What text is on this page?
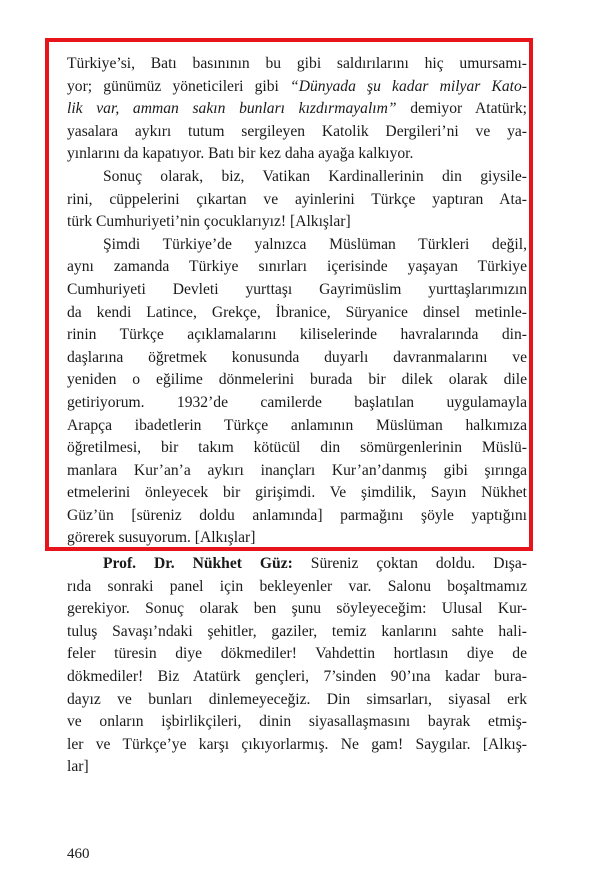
Türkiye’si, Batı basınının bu gibi saldırılarını hiç umursamı-
yor; günümüz yöneticileri gibi “Dünyada şu kadar milyar Kato-
lik var, amman sakın bunları kızdırmayalım” demiyor Atatürk;
yasalara aykırı tutum sergileyen Katolik Dergileri’ni ve ya-
yınlarını da kapatıyor. Batı bir kez daha ayağa kalkıyor.
Sonuç olarak, biz, Vatikan Kardinallerinin din giysile-
rini, cüppelerini çıkartan ve ayinlerini Türkçe yaptıran Ata-
türk Cumhuriyeti’nin çocuklarıyız! [Alkışlar]
Şimdi Türkiye’de yalnızca Müslüman Türkleri değil,
aynı zamanda Türkiye sınırları içerisinde yaşayan Türkiye
Cumhuriyeti Devleti yurttaşı Gayrimüslim yurttaşlarımızın
da kendi Latince, Grekçe, İbranice, Süryanice dinsel metinle-
rinin Türkçe açıklamalarını kiliselerinde havralarında din-
daşlarına öğretmek konusunda duyarlı davranmalarını ve
yeniden o eğilime dönmelerini burada bir dilek olarak dile
getiriyorum. 1932’de camilerde başlatılan uygulamayla
Arapça ibadetlerin Türkçe anlamının Müslüman halkımıza
öğretilmesi, bir takım kötücül din sömürgenlerinin Müslü-
manlara Kur’an’a aykırı inançları Kur’an’danmış gibi şırınga
etmelerini önleyecek bir girişimdi. Ve şimdilik, Sayın Nükhet
Güz’ün [süreniz doldu anlamında] parmağını şöyle yaptığını
görerek susuyorum. [Alkışlar]
Prof. Dr. Nükhet Güz: Süreniz çoktan doldu. Dışa-
rıda sonraki panel için bekleyenler var. Salonu boşaltmamız
gerekiyor. Sonuç olarak ben şunu söyleyeceğim: Ulusal Kur-
tuluş Savaşı’ndaki şehitler, gaziler, temiz kanlarını sahte hali-
feler türesin diye dökmediler! Vahdettin hortlasın diye de
dökmediler! Biz Atatürk gençleri, 7’sinden 90’ına kadar bura-
dayız ve bunları dinlemeyeceğiz. Din simsarları, siyasal erk
ve onların işbirlikçileri, dinin siyasallaşmasını bayrak etmiş-
ler ve Türkçe’ye karşı çıkıyorlarmış. Ne gam! Saygılar. [Alkış-
lar]
460
